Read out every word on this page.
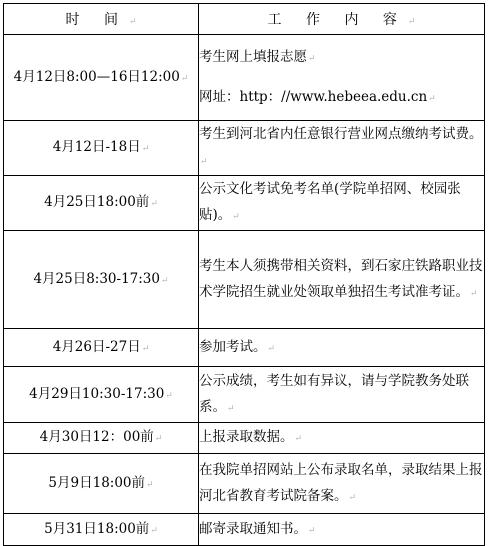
时 间↵	工 作 内 容↵
4月12日8:00—16日12:00↵	考生网上填报志愿↵
网址：http：//www.hebeea.edu.cn↵

4月12日-18日↵	考生到河北省内任意银行营业网点缴纳考试费。↵
4月25日18:00前↵	公示文化考试免考名单(学院单招网、校园张贴)。↵
4月25日8:30-17:30↵	考生本人须携带相关资料，到石家庄铁路职业技术学院招生就业处领取单独招生考试准考证。↵
4月26日-27日↵	参加考试。↵
4月29日10:30-17:30↵	公示成绩，考生如有异议，请与学院教务处联系。↵
4月30日12：00前↵	上报录取数据。↵
5月9日18:00前↵	在我院单招网站上公布录取名单，录取结果上报河北省教育考试院备案。↵
5月31日18:00前↵	邮寄录取通知书。↵
